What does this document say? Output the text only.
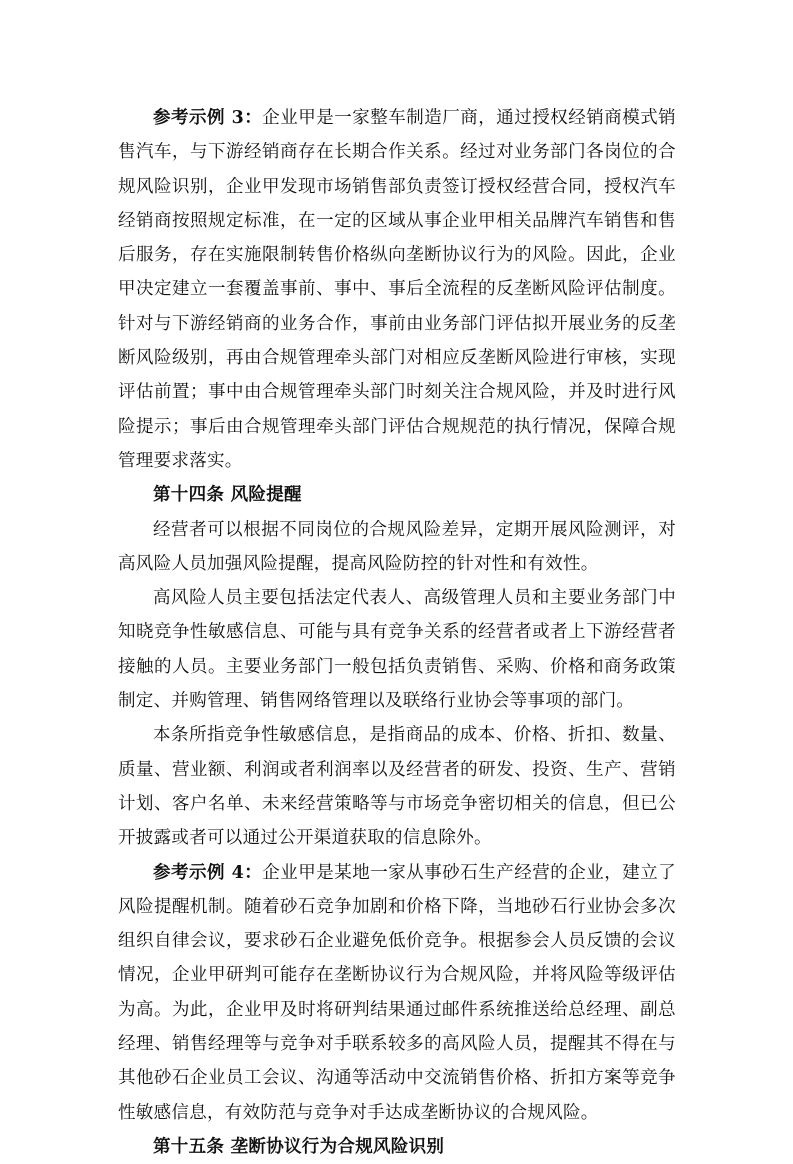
参考示例 3：企业甲是一家整车制造厂商，通过授权经销商模式销售汽车，与下游经销商存在长期合作关系。经过对业务部门各岗位的合规风险识别，企业甲发现市场销售部负责签订授权经营合同，授权汽车经销商按照规定标准，在一定的区域从事企业甲相关品牌汽车销售和售后服务，存在实施限制转售价格纵向垄断协议行为的风险。因此，企业甲决定建立一套覆盖事前、事中、事后全流程的反垄断风险评估制度。针对与下游经销商的业务合作，事前由业务部门评估拟开展业务的反垄断风险级别，再由合规管理牵头部门对相应反垄断风险进行审核，实现评估前置；事中由合规管理牵头部门时刻关注合规风险，并及时进行风险提示；事后由合规管理牵头部门评估合规规范的执行情况，保障合规管理要求落实。

第十四条 风险提醒

经营者可以根据不同岗位的合规风险差异，定期开展风险测评，对高风险人员加强风险提醒，提高风险防控的针对性和有效性。

高风险人员主要包括法定代表人、高级管理人员和主要业务部门中知晓竞争性敏感信息、可能与具有竞争关系的经营者或者上下游经营者接触的人员。主要业务部门一般包括负责销售、采购、价格和商务政策制定、并购管理、销售网络管理以及联络行业协会等事项的部门。

本条所指竞争性敏感信息，是指商品的成本、价格、折扣、数量、质量、营业额、利润或者利润率以及经营者的研发、投资、生产、营销计划、客户名单、未来经营策略等与市场竞争密切相关的信息，但已公开披露或者可以通过公开渠道获取的信息除外。

参考示例 4：企业甲是某地一家从事砂石生产经营的企业，建立了风险提醒机制。随着砂石竞争加剧和价格下降，当地砂石行业协会多次组织自律会议，要求砂石企业避免低价竞争。根据参会人员反馈的会议情况，企业甲研判可能存在垄断协议行为合规风险，并将风险等级评估为高。为此，企业甲及时将研判结果通过邮件系统推送给总经理、副总经理、销售经理等与竞争对手联系较多的高风险人员，提醒其不得在与其他砂石企业员工会议、沟通等活动中交流销售价格、折扣方案等竞争性敏感信息，有效防范与竞争对手达成垄断协议的合规风险。

第十五条 垄断协议行为合规风险识别
